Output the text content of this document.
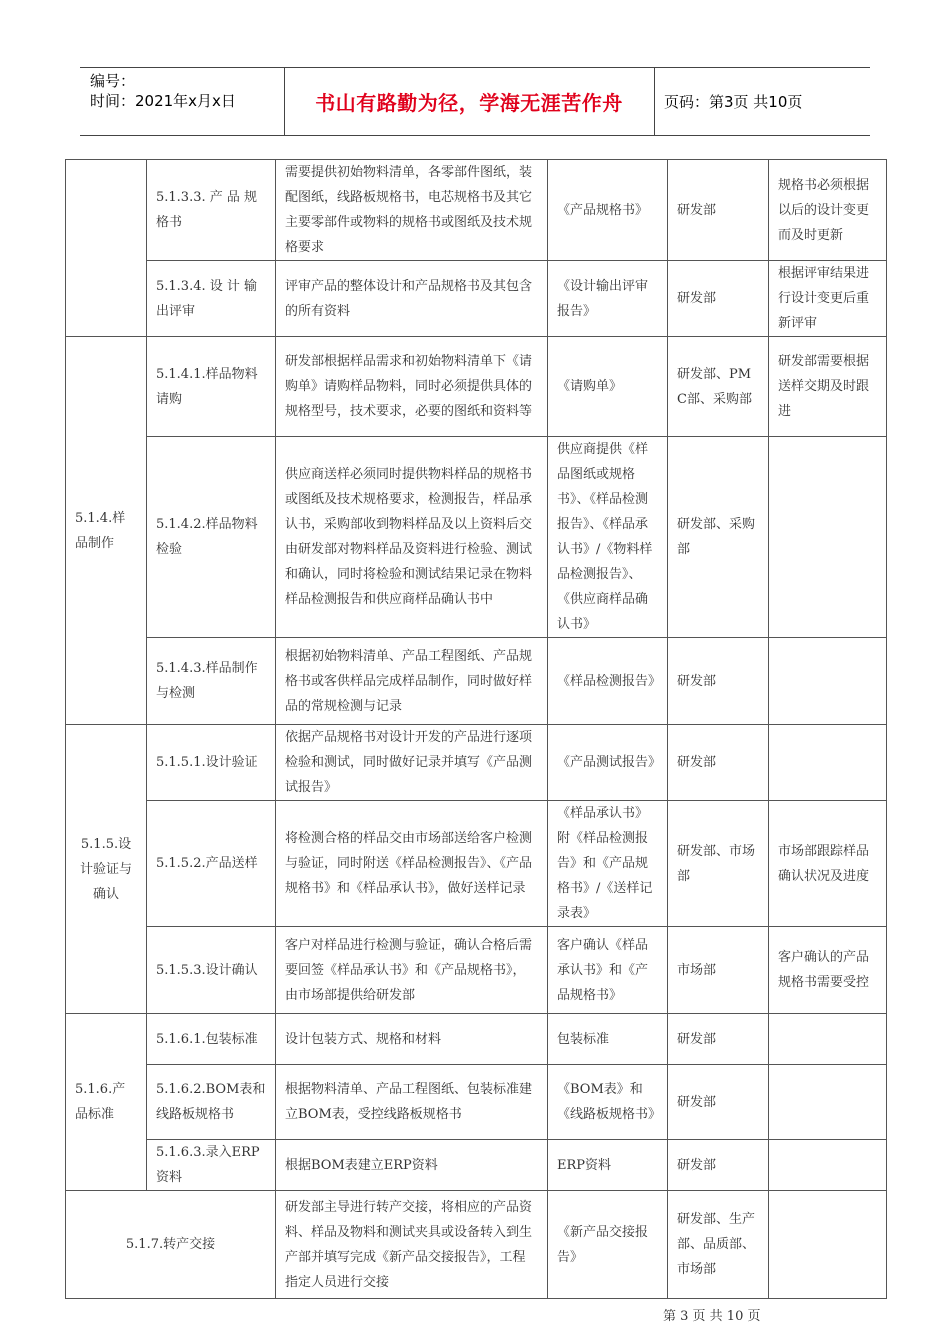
编号：
时间：2021年x月x日	书山有路勤为径，学海无涯苦作舟	页码：第3页 共10页
	5.1.3.3. 产 品 规 格书	需要提供初始物料清单，各零部件图纸，装配图纸，线路板规格书，电芯规格书及其它主要零部件或物料的规格书或图纸及技术规格要求	《产品规格书》	研发部	规格书必须根据以后的设计变更而及时更新
	5.1.3.4. 设 计 输 出评审	评审产品的整体设计和产品规格书及其包含的所有资料	《设计输出评审报告》	研发部	根据评审结果进行设计变更后重新评审
5.1.4.样品制作	5.1.4.1.样品物料请购	研发部根据样品需求和初始物料清单下《请购单》请购样品物料，同时必须提供具体的规格型号，技术要求，必要的图纸和资料等	《请购单》	研发部、PMC部、采购部	研发部需要根据送样交期及时跟进
	5.1.4.2.样品物料检验	供应商送样必须同时提供物料样品的规格书或图纸及技术规格要求，检测报告，样品承认书，采购部收到物料样品及以上资料后交由研发部对物料样品及资料进行检验、测试和确认，同时将检验和测试结果记录在物料样品检测报告和供应商样品确认书中	供应商提供《样品图纸或规格书》、《样品检测报告》、《样品承认书》/《物料样品检测报告》、《供应商样品确认书》	研发部、采购部	
	5.1.4.3.样品制作与检测	根据初始物料清单、产品工程图纸、产品规格书或客供样品完成样品制作，同时做好样品的常规检测与记录	《样品检测报告》	研发部	
5.1.5.设计验证与确认	5.1.5.1.设计验证	依据产品规格书对设计开发的产品进行逐项检验和测试，同时做好记录并填写《产品测试报告》	《产品测试报告》	研发部	
	5.1.5.2.产品送样	将检测合格的样品交由市场部送给客户检测与验证，同时附送《样品检测报告》、《产品规格书》和《样品承认书》，做好送样记录	《样品承认书》附《样品检测报告》和《产品规格书》/《送样记录表》	研发部、市场部	市场部跟踪样品确认状况及进度
	5.1.5.3.设计确认	客户对样品进行检测与验证，确认合格后需要回签《样品承认书》和《产品规格书》，由市场部提供给研发部	客户确认《样品承认书》和《产品规格书》	市场部	客户确认的产品规格书需要受控
5.1.6.产品标准	5.1.6.1.包装标准	设计包装方式、规格和材料	包装标准	研发部	
	5.1.6.2.BOM表和线路板规格书	根据物料清单、产品工程图纸、包装标准建立BOM表，受控线路板规格书	《BOM表》和《线路板规格书》	研发部	
	5.1.6.3.录入ERP资料	根据BOM表建立ERP资料	ERP资料	研发部	
5.1.7.转产交接		研发部主导进行转产交接，将相应的产品资料、样品及物料和测试夹具或设备转入到生产部并填写完成《新产品交接报告》，工程指定人员进行交接	《新产品交接报告》	研发部、生产部、品质部、市场部	
第 3 页 共 10 页
